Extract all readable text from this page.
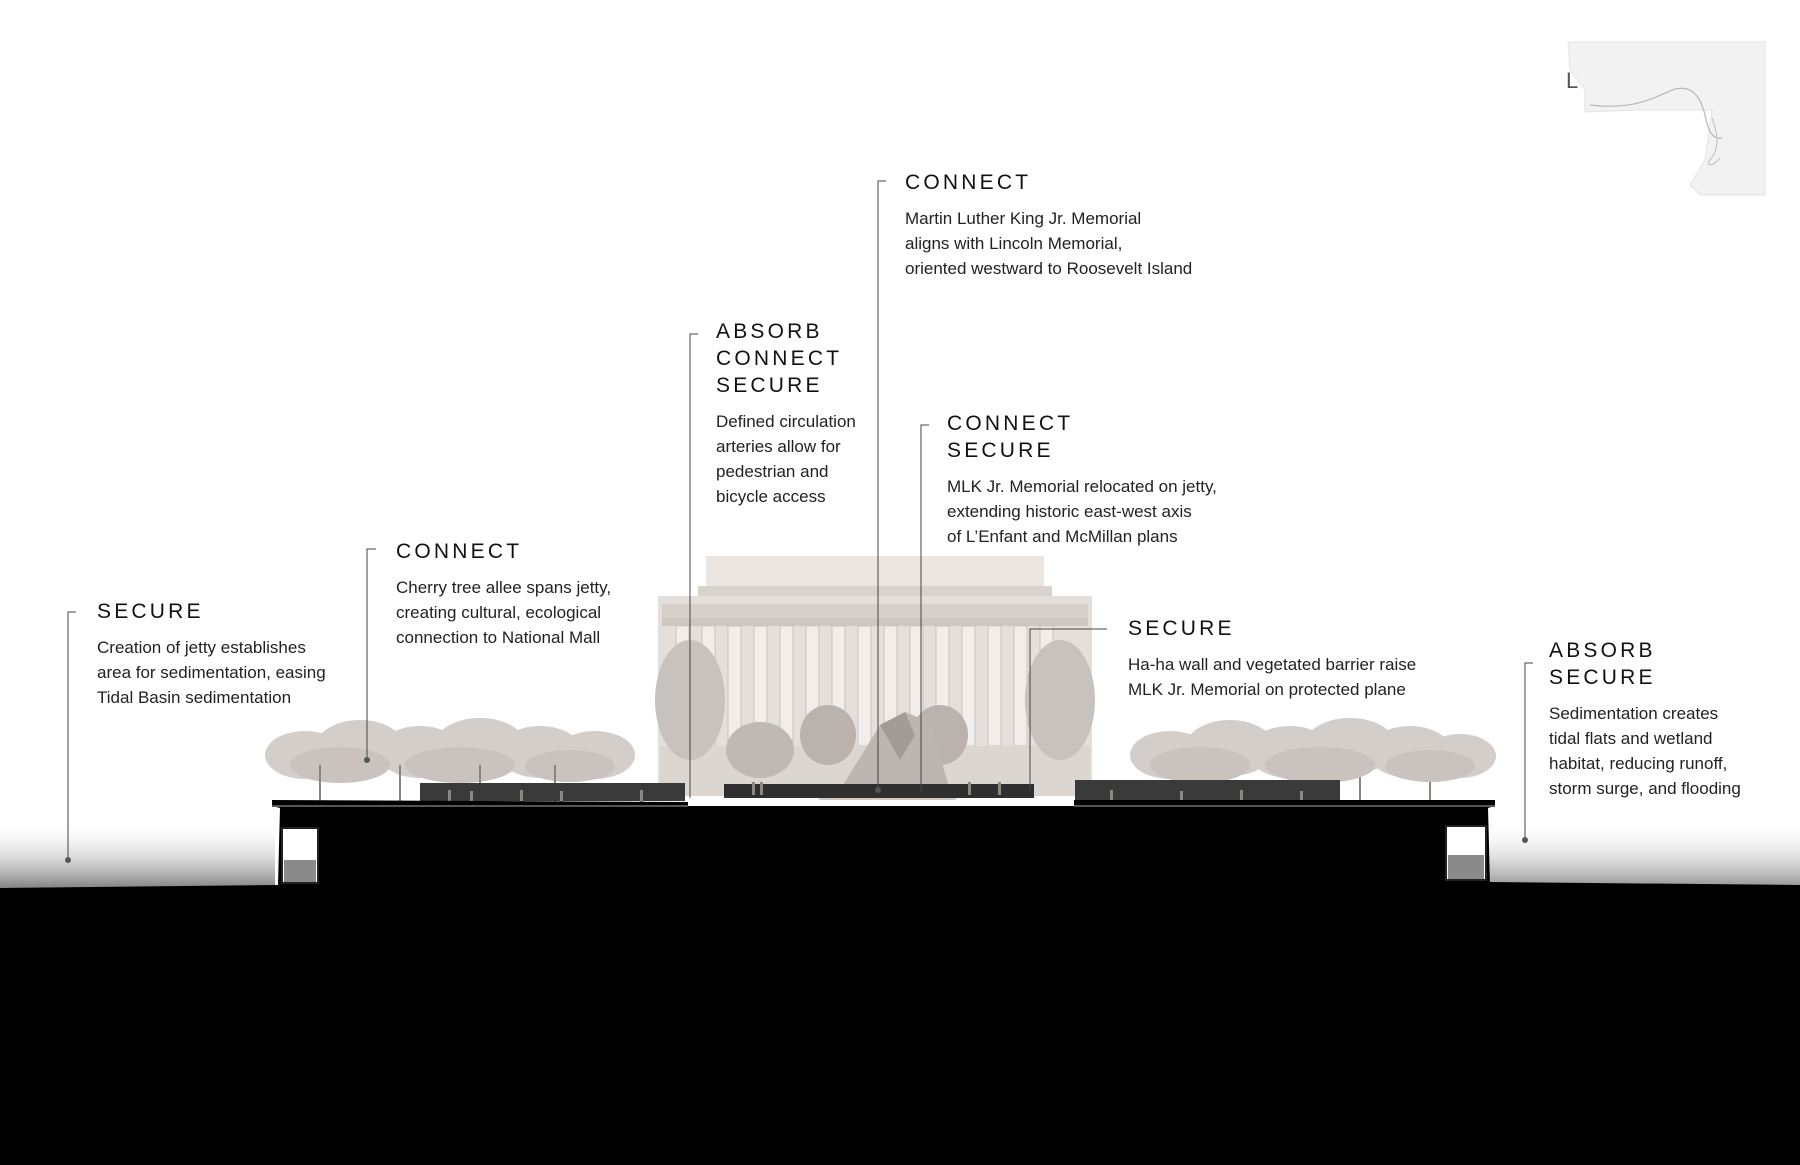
L
SECURE
Creation of jetty establishes
area for sedimentation, easing
Tidal Basin sedimentation
CONNECT
Cherry tree allee spans jetty,
creating cultural, ecological
connection to National Mall
ABSORB
CONNECT
SECURE
Defined circulation
arteries allow for
pedestrian and
bicycle access
CONNECT
Martin Luther King Jr. Memorial
aligns with Lincoln Memorial,
oriented westward to Roosevelt Island
CONNECT
SECURE
MLK Jr. Memorial relocated on jetty,
extending historic east-west axis
of L’Enfant and McMillan plans
SECURE
Ha-ha wall and vegetated barrier raise
MLK Jr. Memorial on protected plane
ABSORB
SECURE
Sedimentation creates
tidal flats and wetland
habitat, reducing runoff,
storm surge, and flooding
